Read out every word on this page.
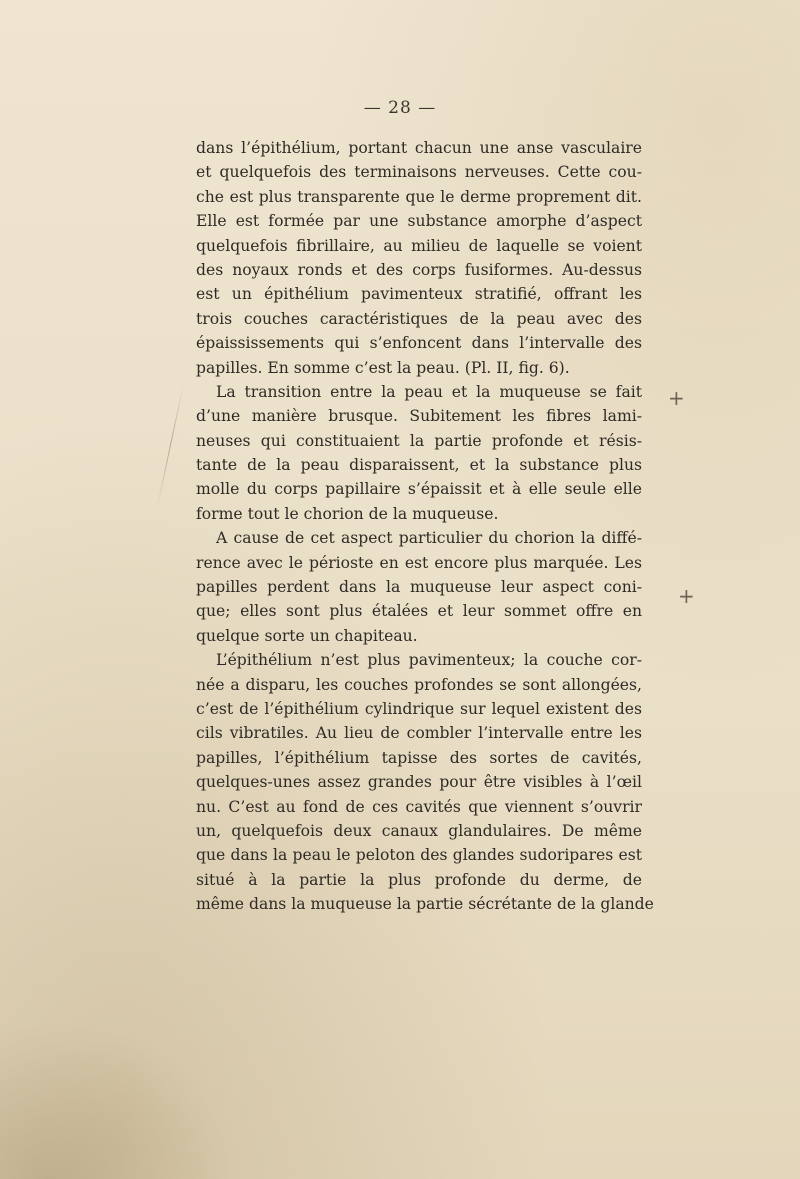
— 28 —
dans l’épithélium, portant chacun une anse vasculaire
et quelquefois des terminaisons nerveuses. Cette cou-
che est plus transparente que le derme proprement dit.
Elle est formée par une substance amorphe d’aspect
quelquefois fibrillaire, au milieu de laquelle se voient
des noyaux ronds et des corps fusiformes. Au-dessus
est un épithélium pavimenteux stratifié, offrant les
trois couches caractéristiques de la peau avec des
épaississements qui s’enfoncent dans l’intervalle des
papilles. En somme c’est la peau. (Pl. II, fig. 6).
La transition entre la peau et la muqueuse se fait
d’une manière brusque. Subitement les fibres lami-
neuses qui constituaient la partie profonde et résis-
tante de la peau disparaissent, et la substance plus
molle du corps papillaire s’épaissit et à elle seule elle
forme tout le chorion de la muqueuse.
A cause de cet aspect particulier du chorion la diffé-
rence avec le périoste en est encore plus marquée. Les
papilles perdent dans la muqueuse leur aspect coni-
que; elles sont plus étalées et leur sommet offre en
quelque sorte un chapiteau.
L’épithélium n’est plus pavimenteux; la couche cor-
née a disparu, les couches profondes se sont allongées,
c’est de l’épithélium cylindrique sur lequel existent des
cils vibratiles. Au lieu de combler l’intervalle entre les
papilles, l’épithélium tapisse des sortes de cavités,
quelques-unes assez grandes pour être visibles à l’œil
nu. C’est au fond de ces cavités que viennent s’ouvrir
un, quelquefois deux canaux glandulaires. De même
que dans la peau le peloton des glandes sudoripares est
situé à la partie la plus profonde du derme, de
même dans la muqueuse la partie sécrétante de la glande
+
+
